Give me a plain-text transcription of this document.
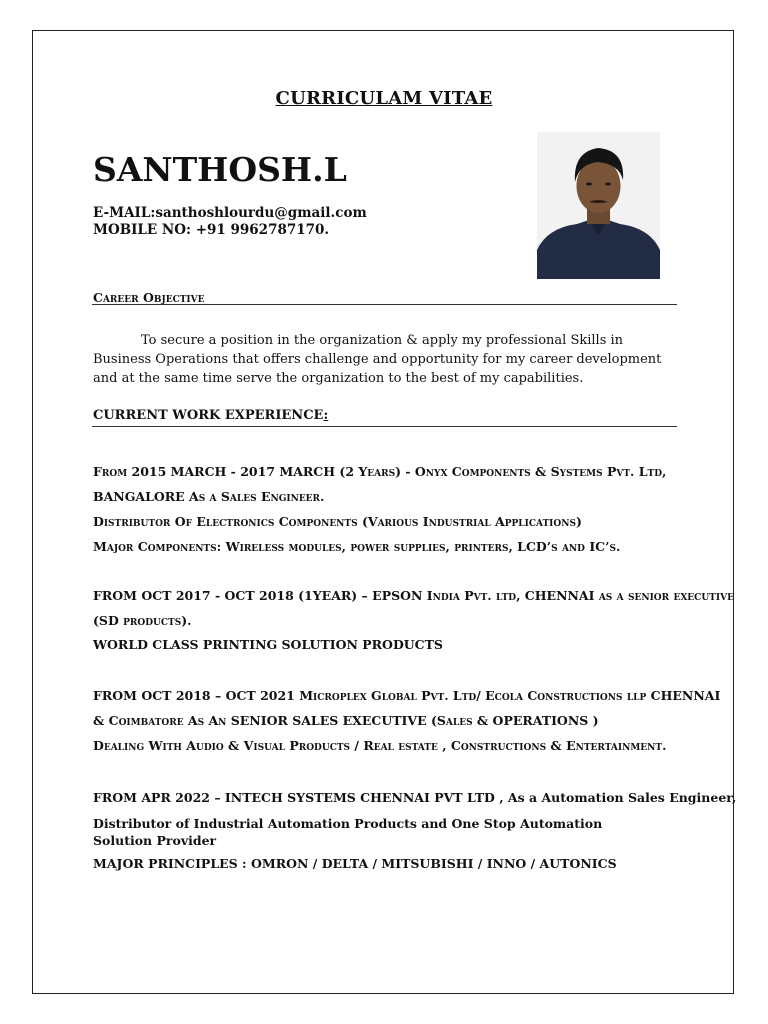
CURRICULAM VITAE
SANTHOSH.L
E-MAIL:santhoshlourdu@gmail.com
MOBILE NO: +91 9962787170.
Career Objective
To secure a position in the organization & apply my professional Skills in Business Operations that offers challenge and opportunity for my career development and at the same time serve the organization to the best of my capabilities.
CURRENT WORK EXPERIENCE:
From 2015 MARCH - 2017 MARCH (2 Years) - Onyx Components & Systems Pvt. Ltd,
BANGALORE As a Sales Engineer.
Distributor Of Electronics Components (Various Industrial Applications)
Major Components: Wireless modules, power supplies, printers, LCD’s and IC’s.
FROM OCT 2017 - OCT 2018 (1YEAR) – EPSON India Pvt. ltd, CHENNAI as a senior executive
(SD products).
WORLD CLASS PRINTING SOLUTION PRODUCTS
FROM OCT 2018 – OCT 2021 Microplex Global Pvt. Ltd/ Ecola Constructions llp CHENNAI
& Coimbatore As An SENIOR SALES EXECUTIVE (Sales & OPERATIONS )
Dealing With Audio & Visual Products / Real estate , Constructions & Entertainment.
FROM APR 2022 – INTECH SYSTEMS CHENNAI PVT LTD , As a Automation Sales Engineer,
Distributor of Industrial Automation Products and One Stop Automation Solution Provider
MAJOR PRINCIPLES : OMRON / DELTA / MITSUBISHI / INNO / AUTONICS
